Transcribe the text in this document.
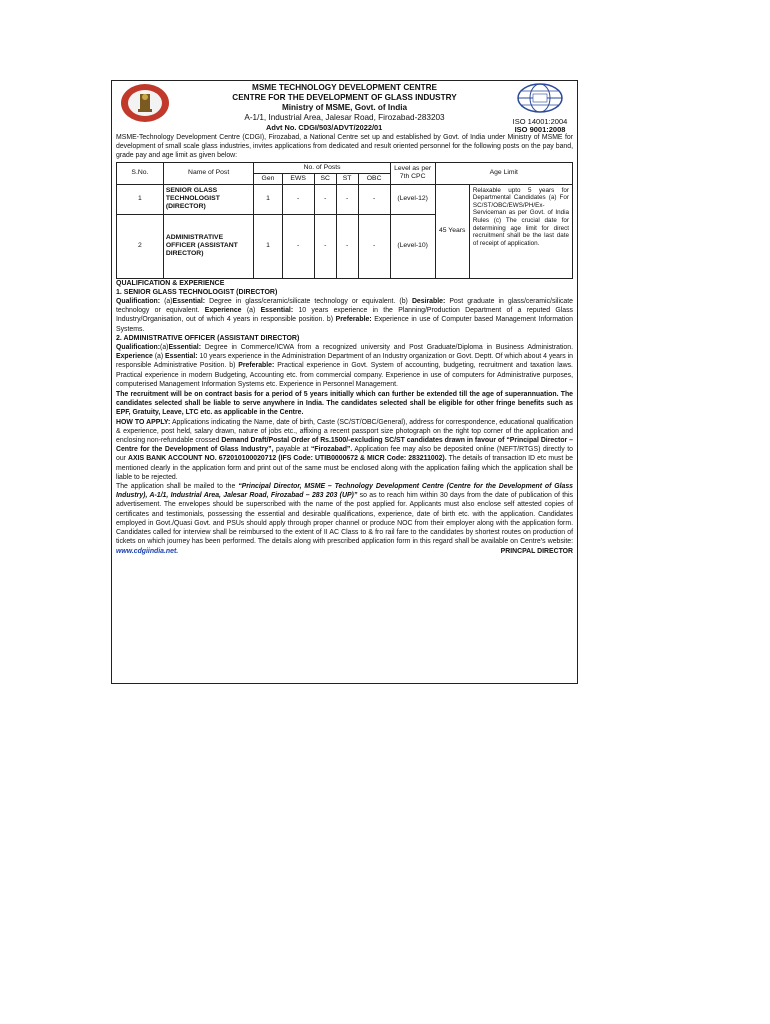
MSME TECHNOLOGY DEVELOPMENT CENTRE
CENTRE FOR THE DEVELOPMENT OF GLASS INDUSTRY
Ministry of MSME, Govt. of India
A-1/1, Industrial Area, Jalesar Road, Firozabad-283203
Advt No. CDGI/503/ADVT/2022/01
ISO 14001:2004
ISO 9001:2008

MSME-Technology Development Centre (CDGI), Firozabad, a National Centre set up and established by Govt. of India under Ministry of MSME for development of small scale glass industries, invites applications from dedicated and result oriented personnel for the following posts on the pay band, grade pay and age limit as given below:

S.No.	Name of Post	No. of Posts					Level as per 7th CPC	Age Limit	
		Gen	EWS	SC	ST	OBC			
1	SENIOR GLASS TECHNOLOGIST (DIRECTOR)	1	-	-	-	-	(Level-12)	45 Years	Relaxable upto 5 years for Departmental Candidates (a) For SC/ST/OBC/EWS/PH/Ex-Serviceman as per Govt. of India Rules (c) The crucial date for determining age limit for direct recruitment shall be the last date of receipt of application.
2	ADMINISTRATIVE OFFICER (ASSISTANT DIRECTOR)	1	-	-	-	-	(Level-10)		

QUALIFICATION & EXPERIENCE

1. SENIOR GLASS TECHNOLOGIST (DIRECTOR)

Qualification: (a)Essential: Degree in glass/ceramic/silicate technology or equivalent. (b) Desirable: Post graduate in glass/ceramic/silicate technology or equivalent. Experience (a) Essential: 10 years experience in the Planning/Production Department of a reputed Glass Industry/Organisation, out of which 4 years in responsible position. b) Preferable: Experience in use of Computer based Management Information Systems.

2. ADMINISTRATIVE OFFICER (ASSISTANT DIRECTOR)

Qualification:(a)Essential: Degree in Commerce/ICWA from a recognized university and Post Graduate/Diploma in Business Administration. Experience (a) Essential: 10 years experience in the Administration Department of an Industry organization or Govt. Deptt. Of which about 4 years in responsible Administrative Position. b) Preferable: Practical experience in Govt. System of accounting, budgeting, recruitment and taxation laws. Practical experience in modern Budgeting, Accounting etc. from commercial company. Experience in use of computers for Administrative purposes, computerised Management Information Systems etc. Experience in Personnel Management.

The recruitment will be on contract basis for a period of 5 years initially which can further be extended till the age of superannuation. The candidates selected shall be liable to serve anywhere in India. The candidates selected shall be eligible for other fringe benefits such as EPF, Gratuity, Leave, LTC etc. as applicable in the Centre.

HOW TO APPLY: Applications indicating the Name, date of birth, Caste (SC/ST/OBC/General), address for correspondence, educational qualification & experience, post held, salary drawn, nature of jobs etc., affixing a recent passport size photograph on the right top corner of the application and enclosing non-refundable crossed Demand Draft/Postal Order of Rs.1500/-excluding SC/ST candidates drawn in favour of “Principal Director – Centre for the Development of Glass Industry”, payable at “Firozabad”. Application fee may also be deposited online (NEFT/RTGS) directly to our AXIS BANK ACCOUNT NO. 672010100020712 (IFS Code: UTIB0000672 & MICR Code: 283211002). The details of transaction ID etc must be mentioned clearly in the application form and print out of the same must be enclosed along with the application failing which the application shall be liable to be rejected.

The application shall be mailed to the “Principal Director, MSME – Technology Development Centre (Centre for the Development of Glass Industry), A-1/1, Industrial Area, Jalesar Road, Firozabad – 283 203 (UP)” so as to reach him within 30 days from the date of publication of this advertisement. The envelopes should be superscribed with the name of the post applied for. Applicants must also enclose self attested copies of certificates and testimonials, possessing the essential and desirable qualifications, experience, date of birth etc. with the application. Candidates employed in Govt./Quasi Govt. and PSUs should apply through proper channel or produce NOC from their employer along with the application form. Candidates called for interview shall be reimbursed to the extent of II AC Class to & fro rail fare to the candidates by shortest routes on production of tickets on which journey has been performed. The details along with prescribed application form in this regard shall be available on Centre’s website: www.cdgiindia.net.	PRINCPAL DIRECTOR
